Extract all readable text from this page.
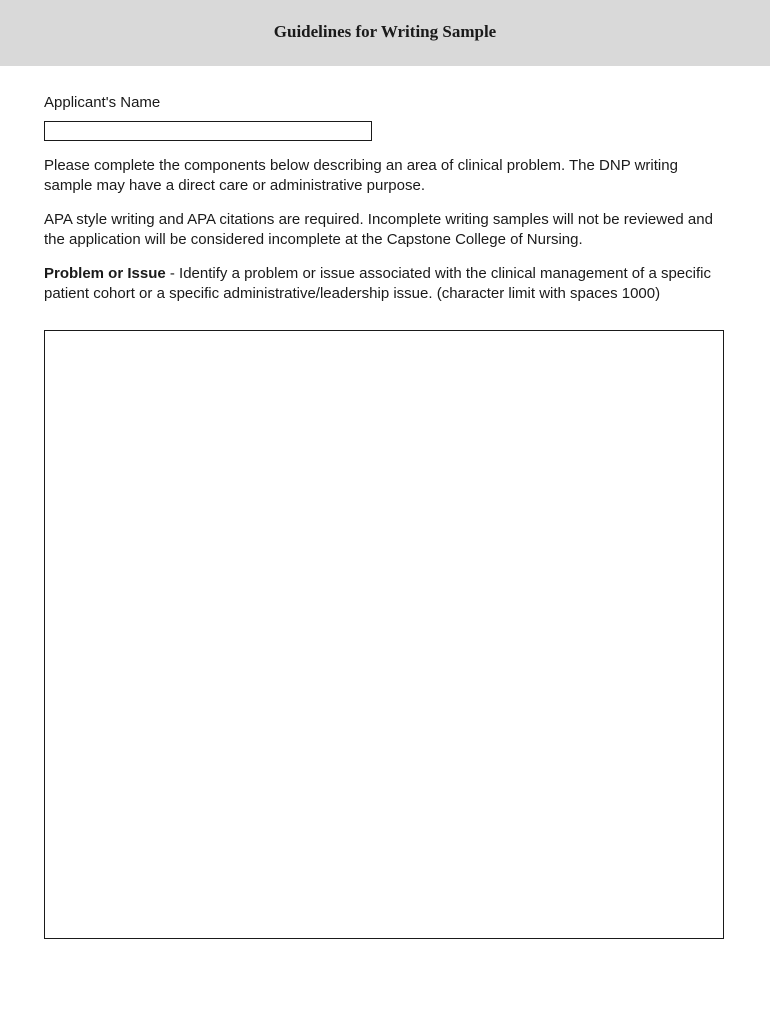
Guidelines for Writing Sample
Applicant's Name

Please complete the components below describing an area of clinical problem. The DNP writing sample may have a direct care or administrative purpose.

APA style writing and APA citations are required. Incomplete writing samples will not be reviewed and the application will be considered incomplete at the Capstone College of Nursing.

Problem or Issue - Identify a problem or issue associated with the clinical management of a specific patient cohort or a specific administrative/leadership issue. (character limit with spaces 1000)
